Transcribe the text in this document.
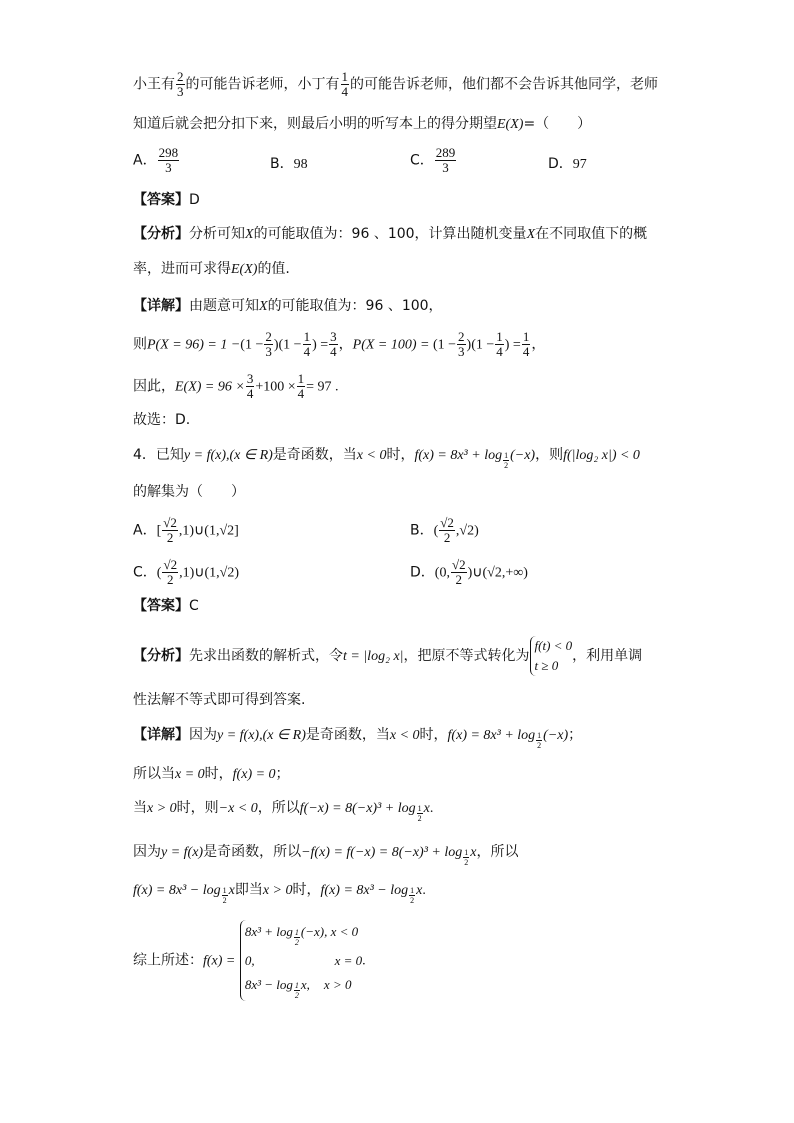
小王有 $\frac{2}{3}$ 的可能告诉老师，小丁有 $\frac{1}{4}$ 的可能告诉老师，他们都不会告诉其他同学，老师
知道后就会把分扣下来，则最后小明的听写本上的得分期望E(X)=（　　）
A． $\frac{298}{3}$	B．98	C． $\frac{289}{3}$	D．97
【答案】D
【分析】分析可知X的可能取值为：96 、100，计算出随机变量X在不同取值下的概
率，进而可求得E(X)的值.
【详解】由题意可知X的可能取值为：96 、100，
则$P(X = 96) = 1 -(1 - \frac{2}{3} )(1 - \frac{1}{4}$ ) = $\frac{3}{4}$ ，$P(X = 100) = (1 - \frac{2}{3} )(1 - \frac{1}{4}$ ) = $\frac{1}{4}$ ，
因此，$E(X) = 96 \times \frac{3}{4} +100 \times \frac{1}{4} = 97$ .
故选：D.
4．已知y = f(x),(x ∈ R)是奇函数，当x < 0时，f(x) = 8x³ + log $_{\frac{1}{2}}$ (−x)，则f(|log₂ x|) < 0
的解集为（　　）
A．[ $\frac{√2}{2}$ ,1)∪(1,√2]	B．( $\frac{√2}{2} ,√2$)
C．( $\frac{√2}{2}$ ,1)∪(1,√2)	D．(0, $\frac{√2}{2}$ )∪(√2,+∞)
【答案】C
【分析】先求出函数的解析式，令t = |log₂ x|，把原不等式转化为
f(t) < 0
t ≥ 0
，利用单调
性法解不等式即可得到答案.
【详解】因为y = f(x),(x ∈ R)是奇函数，当x < 0时，f(x) = 8x³ + log $_{\frac{1}{2}}$ (−x)；
所以当x = 0时，f(x) = 0；
当x > 0时，则−x < 0，所以f(−x) = 8(−x)³ + log $_{\frac{1}{2}}$ x.
因为y = f(x)是奇函数，所以−f(x) = f(−x) = 8(−x)³ + log $_{\frac{1}{2}}$ x，所以
f(x) = 8x³ − log $_{\frac{1}{2}}$ x即当x > 0时，f(x) = 8x³ − log $_{\frac{1}{2}}$ x.
综上所述：f(x) =
8x³ + log $_{\frac{1}{2}}$ (−x), x < 0
0,	x = 0
8x³ − log $_{\frac{1}{2}}$ x, x > 0
.
